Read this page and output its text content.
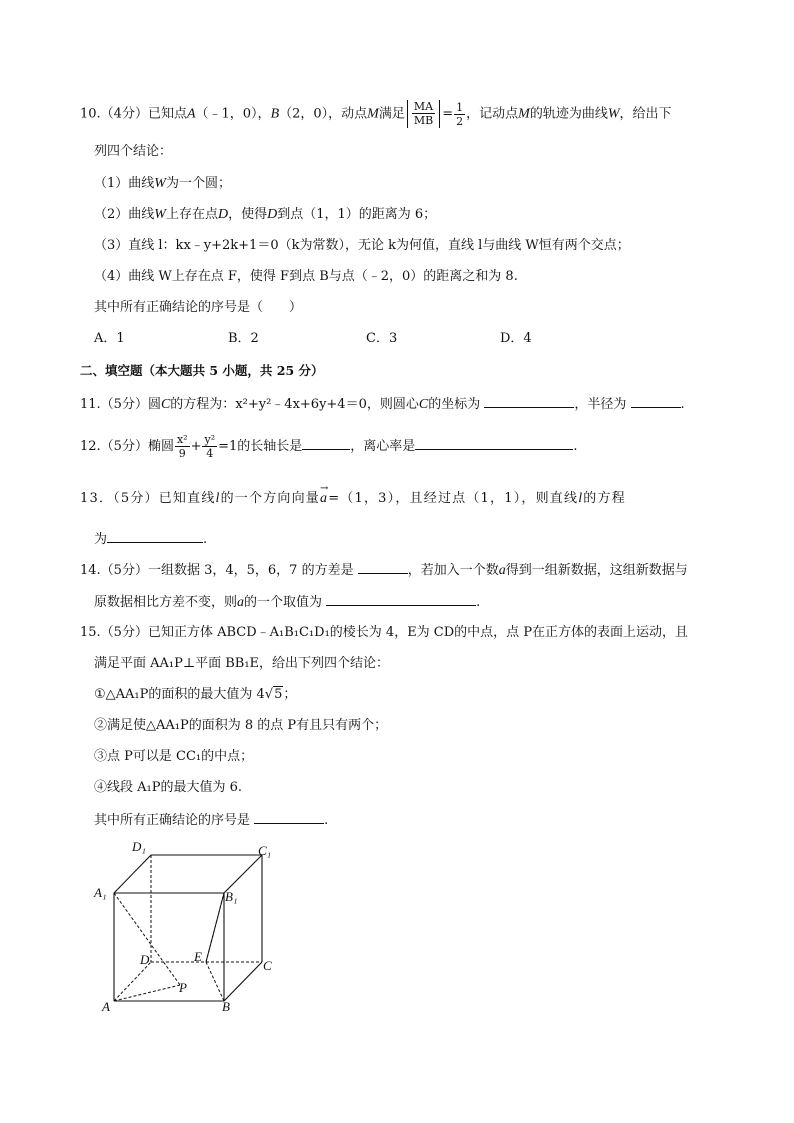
10.（4分）已知点A（﹣1，0），B（2，0），动点M满足 $\frac{MA}{MB} = \frac{1}{2}$ ，记动点M的轨迹为曲线W，给出下
列四个结论：
（1）曲线W为一个圆；
（2）曲线W上存在点D，使得D到点（1，1）的距离为 6；
（3）直线 l：kx﹣y+2k+1＝0（k为常数），无论 k为何值，直线 l与曲线 W恒有两个交点；
（4）曲线 W上存在点 F，使得 F到点 B与点（﹣2，0）的距离之和为 8.
其中所有正确结论的序号是（　　）
A．1	B．2	C．3	D．4
二、填空题（本大题共 5 小题，共 25 分）
11.（5分）圆C的方程为：x²+y²﹣4x+6y+4＝0，则圆心C的坐标为	，半径为	.
12.（5分）椭圆 $\frac{\text{x²}}{9} + \frac{\text{y²}}{4} =1$的长轴长是	，离心率是	.
13．（5分）已知直线l的一个方向向量
→
a=（1，3），且经过点（1，1），则直线l的方程
为	.
14.（5分）一组数据 3，4，5，6，7 的方差是	，若加入一个数a得到一组新数据，这组新数据与
原数据相比方差不变，则a的一个取值为	.
15.（5分）已知正方体 ABCD﹣A₁B₁C₁D₁的棱长为 4，E为 CD的中点，点 P在正方体的表面上运动，且
满足平面 AA₁P⊥平面 BB₁E，给出下列四个结论：
①△AA₁P的面积的最大值为 4√5；
②满足使△AA₁P的面积为 8 的点 P有且只有两个；
③点 P可以是 CC₁的中点；
④线段 A₁P的最大值为 6.
其中所有正确结论的序号是	.
D₁	C₁
A₁	B₁
D	E
C
P
A	B
